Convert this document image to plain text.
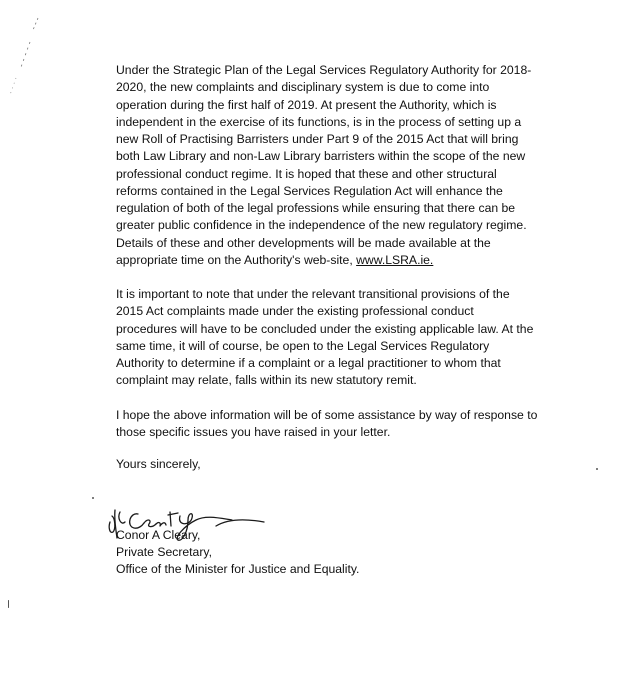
Under the Strategic Plan of the Legal Services Regulatory Authority for 2018-
2020, the new complaints and disciplinary system is due to come into
operation during the first half of 2019. At present the Authority, which is
independent in the exercise of its functions, is in the process of setting up a
new Roll of Practising Barristers under Part 9 of the 2015 Act that will bring
both Law Library and non-Law Library barristers within the scope of the new
professional conduct regime. It is hoped that these and other structural
reforms contained in the Legal Services Regulation Act will enhance the
regulation of both of the legal professions while ensuring that there can be
greater public confidence in the independence of the new regulatory regime.
Details of these and other developments will be made available at the
appropriate time on the Authority's web-site, www.LSRA.ie.

It is important to note that under the relevant transitional provisions of the
2015 Act complaints made under the existing professional conduct
procedures will have to be concluded under the existing applicable law. At the
same time, it will of course, be open to the Legal Services Regulatory
Authority to determine if a complaint or a legal practitioner to whom that
complaint may relate, falls within its new statutory remit.

I hope the above information will be of some assistance by way of response to
those specific issues you have raised in your letter.

Yours sincerely,
Conor A Cleary,
Private Secretary,
Office of the Minister for Justice and Equality.
